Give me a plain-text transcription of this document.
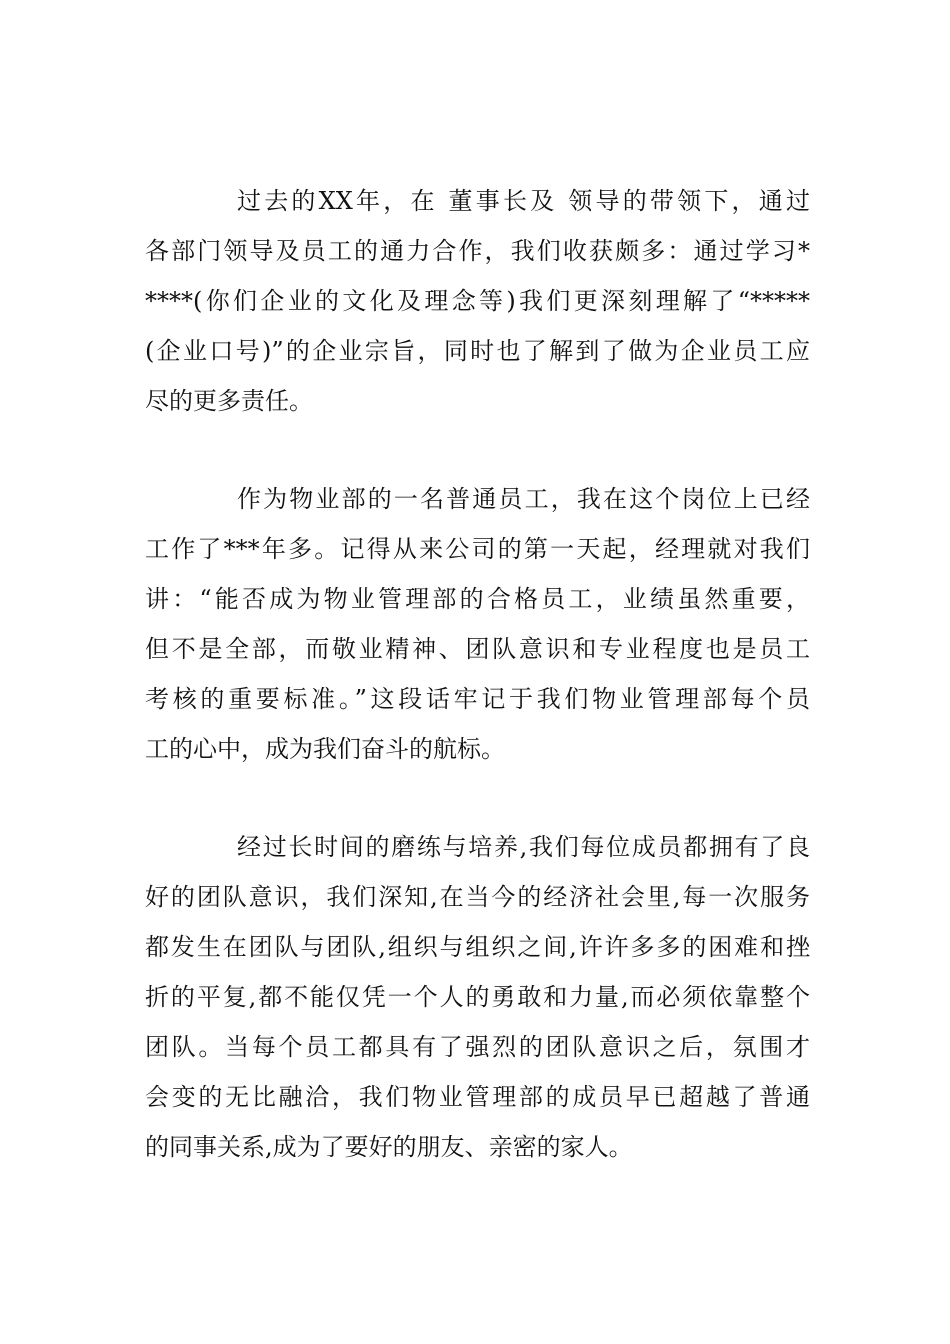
过去的XX年，在 董事长及 领导的带领下，通过
各部门领导及员工的通力合作，我们收获颇多：通过学习*
****(你们企业的文化及理念等)我们更深刻理解了“*****
(企业口号)”的企业宗旨，同时也了解到了做为企业员工应
尽的更多责任。
作为物业部的一名普通员工，我在这个岗位上已经
工作了***年多。记得从来公司的第一天起，经理就对我们
讲：“能否成为物业管理部的合格员工，业绩虽然重要，
但不是全部，而敬业精神、团队意识和专业程度也是员工
考核的重要标准。”这段话牢记于我们物业管理部每个员
工的心中，成为我们奋斗的航标。
经过长时间的磨练与培养,我们每位成员都拥有了良
好的团队意识，我们深知,在当今的经济社会里,每一次服务
都发生在团队与团队,组织与组织之间,许许多多的困难和挫
折的平复,都不能仅凭一个人的勇敢和力量,而必须依靠整个
团队。当每个员工都具有了强烈的团队意识之后，氛围才
会变的无比融洽，我们物业管理部的成员早已超越了普通
的同事关系,成为了要好的朋友、亲密的家人。
